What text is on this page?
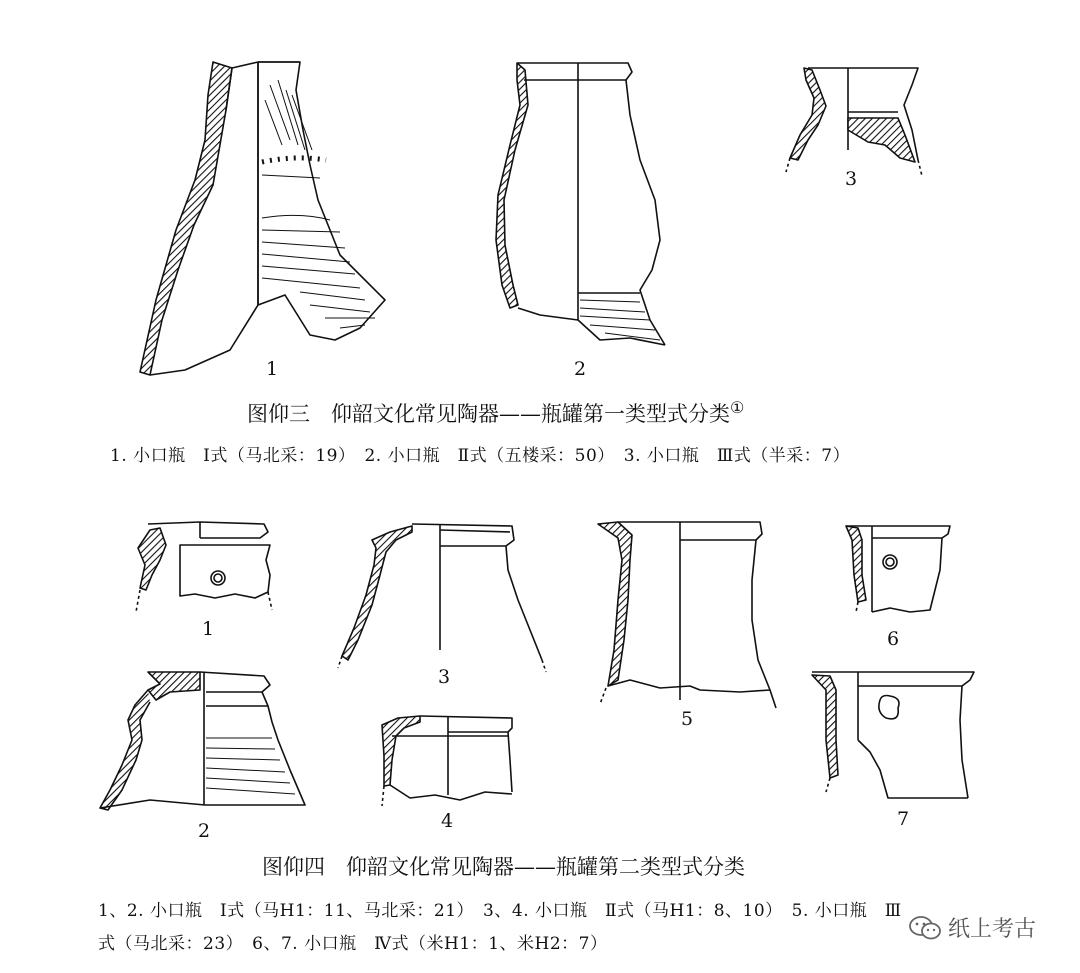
1	2
3
图仰三　仰韶文化常见陶器——瓶罐第一类型式分类①
1. 小口瓶　Ⅰ式（马北采：19）　2. 小口瓶　Ⅱ式（五楼采：50）　3. 小口瓶　Ⅲ式（半采：7）
1
2
3
4
5
6
7
图仰四　仰韶文化常见陶器——瓶罐第二类型式分类
1、2. 小口瓶　Ⅰ式（马H1：11、马北采：21）　3、4. 小口瓶　Ⅱ式（马H1：8、10）　5. 小口瓶　Ⅲ
式（马北采：23）　6、7. 小口瓶　Ⅳ式（米H1：1、米H2：7）
纸上考古
